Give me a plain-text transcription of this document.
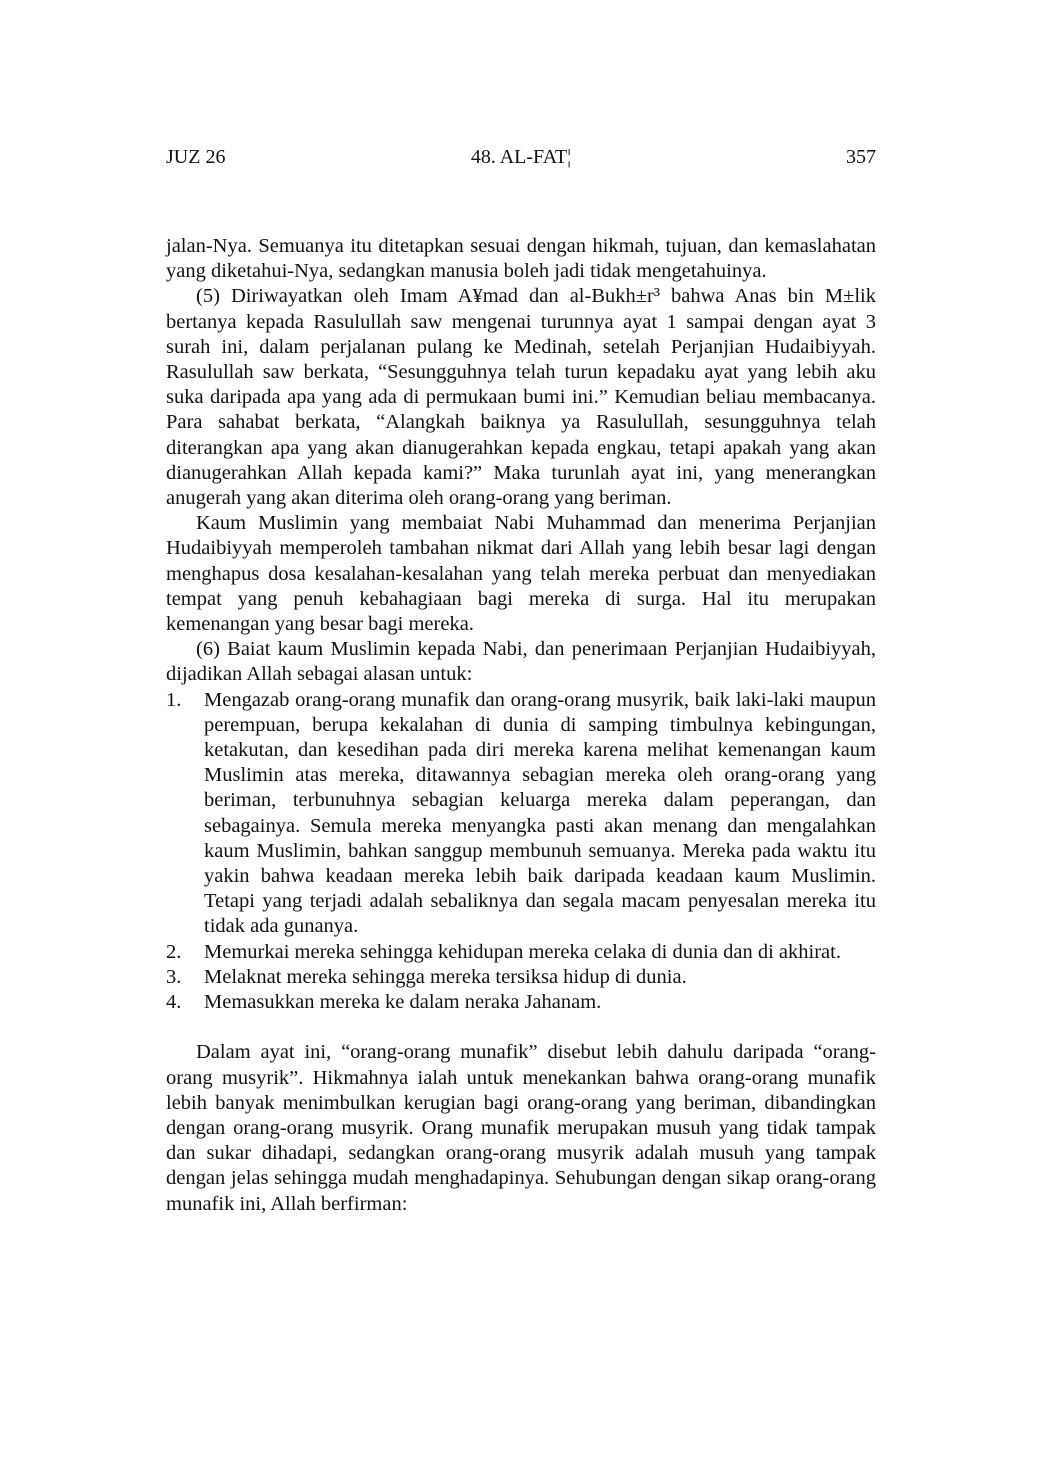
JUZ 26	48. AL-FAT¦	357

jalan-Nya. Semuanya itu ditetapkan sesuai dengan hikmah, tujuan, dan kemaslahatan yang diketahui-Nya, sedangkan manusia boleh jadi tidak mengetahuinya.

(5) Diriwayatkan oleh Imam A¥mad dan al-Bukh±r³ bahwa Anas bin M±lik bertanya kepada Rasulullah saw mengenai turunnya ayat 1 sampai dengan ayat 3 surah ini, dalam perjalanan pulang ke Medinah, setelah Perjanjian Hudaibiyyah. Rasulullah saw berkata, “Sesungguhnya telah turun kepadaku ayat yang lebih aku suka daripada apa yang ada di permukaan bumi ini.” Kemudian beliau membacanya. Para sahabat berkata, “Alangkah baiknya ya Rasulullah, sesungguhnya telah diterangkan apa yang akan dianugerahkan kepada engkau, tetapi apakah yang akan dianugerahkan Allah kepada kami?” Maka turunlah ayat ini, yang menerangkan anugerah yang akan diterima oleh orang-orang yang beriman.

Kaum Muslimin yang membaiat Nabi Muhammad dan menerima Perjanjian Hudaibiyyah memperoleh tambahan nikmat dari Allah yang lebih besar lagi dengan menghapus dosa kesalahan-kesalahan yang telah mereka perbuat dan menyediakan tempat yang penuh kebahagiaan bagi mereka di surga. Hal itu merupakan kemenangan yang besar bagi mereka.

(6) Baiat kaum Muslimin kepada Nabi, dan penerimaan Perjanjian Hudaibiyyah, dijadikan Allah sebagai alasan untuk:

1. Mengazab orang-orang munafik dan orang-orang musyrik, baik laki-laki maupun perempuan, berupa kekalahan di dunia di samping timbulnya kebingungan, ketakutan, dan kesedihan pada diri mereka karena melihat kemenangan kaum Muslimin atas mereka, ditawannya sebagian mereka oleh orang-orang yang beriman, terbunuhnya sebagian keluarga mereka dalam peperangan, dan sebagainya. Semula mereka menyangka pasti akan menang dan mengalahkan kaum Muslimin, bahkan sanggup membunuh semuanya. Mereka pada waktu itu yakin bahwa keadaan mereka lebih baik daripada keadaan kaum Muslimin. Tetapi yang terjadi adalah sebaliknya dan segala macam penyesalan mereka itu tidak ada gunanya.
2. Memurkai mereka sehingga kehidupan mereka celaka di dunia dan di akhirat.
3. Melaknat mereka sehingga mereka tersiksa hidup di dunia.
4. Memasukkan mereka ke dalam neraka Jahanam.

Dalam ayat ini, “orang-orang munafik” disebut lebih dahulu daripada “orang-orang musyrik”. Hikmahnya ialah untuk menekankan bahwa orang-orang munafik lebih banyak menimbulkan kerugian bagi orang-orang yang beriman, dibandingkan dengan orang-orang musyrik. Orang munafik merupakan musuh yang tidak tampak dan sukar dihadapi, sedangkan orang-orang musyrik adalah musuh yang tampak dengan jelas sehingga mudah menghadapinya. Sehubungan dengan sikap orang-orang munafik ini, Allah berfirman:
